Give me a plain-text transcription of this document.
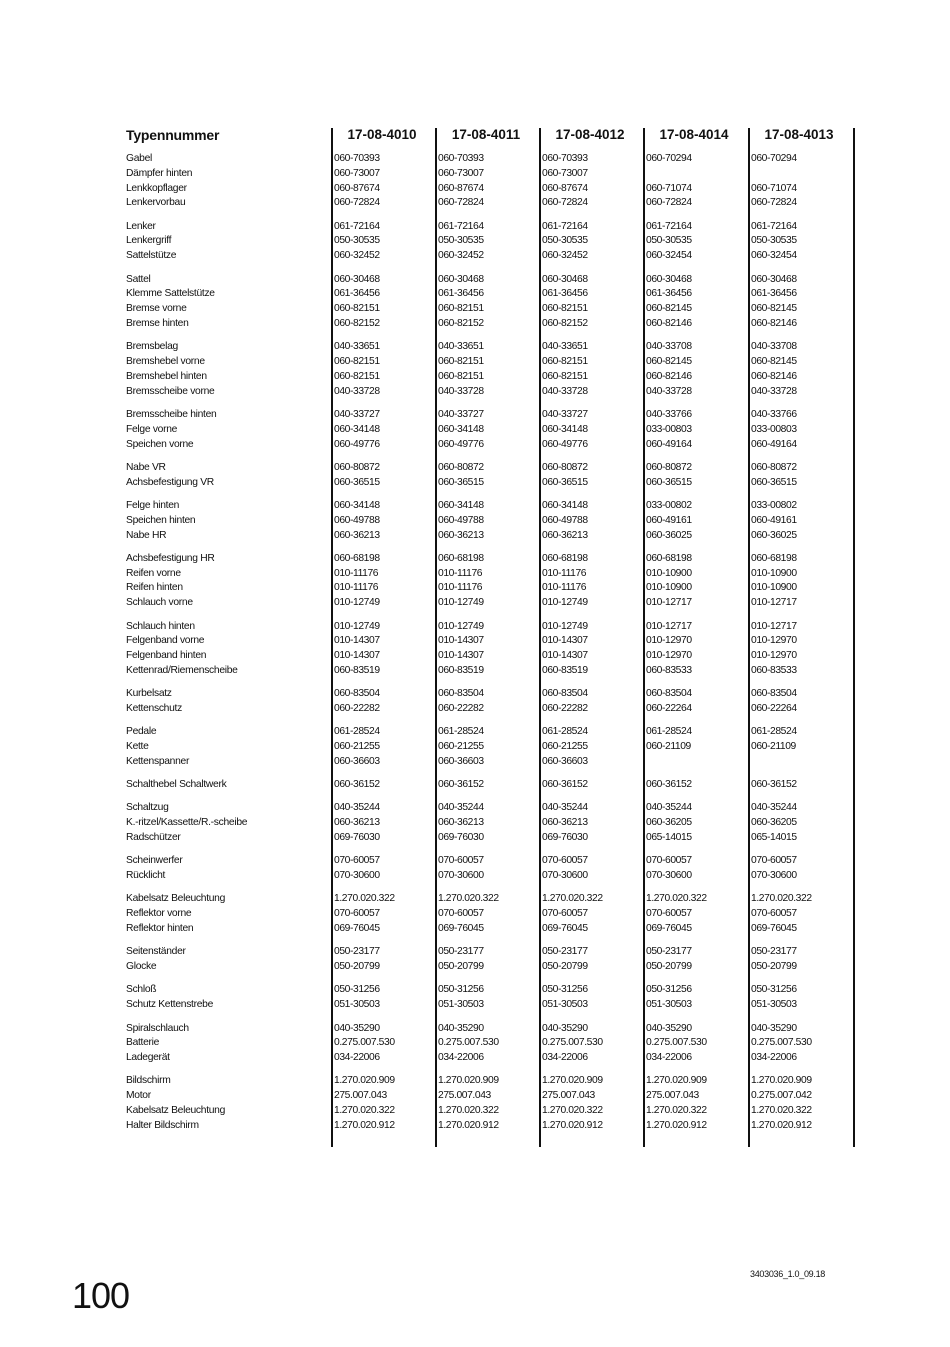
Typennummer	17-08-4010	17-08-4011	17-08-4012	17-08-4014	17-08-4013
Gabel	060-70393	060-70393	060-70393	060-70294	060-70294
Dämpfer hinten	060-73007	060-73007	060-73007
Lenkkopflager	060-87674	060-87674	060-87674	060-71074	060-71074
Lenkervorbau	060-72824	060-72824	060-72824	060-72824	060-72824
Lenker	061-72164	061-72164	061-72164	061-72164	061-72164
Lenkergriff	050-30535	050-30535	050-30535	050-30535	050-30535
Sattelstütze	060-32452	060-32452	060-32452	060-32454	060-32454
Sattel	060-30468	060-30468	060-30468	060-30468	060-30468
Klemme Sattelstütze	061-36456	061-36456	061-36456	061-36456	061-36456
Bremse vorne	060-82151	060-82151	060-82151	060-82145	060-82145
Bremse hinten	060-82152	060-82152	060-82152	060-82146	060-82146
Bremsbelag	040-33651	040-33651	040-33651	040-33708	040-33708
Bremshebel vorne	060-82151	060-82151	060-82151	060-82145	060-82145
Bremshebel hinten	060-82151	060-82151	060-82151	060-82146	060-82146
Bremsscheibe vorne	040-33728	040-33728	040-33728	040-33728	040-33728
Bremsscheibe hinten	040-33727	040-33727	040-33727	040-33766	040-33766
Felge vorne	060-34148	060-34148	060-34148	033-00803	033-00803
Speichen vorne	060-49776	060-49776	060-49776	060-49164	060-49164
Nabe VR	060-80872	060-80872	060-80872	060-80872	060-80872
Achsbefestigung VR	060-36515	060-36515	060-36515	060-36515	060-36515
Felge hinten	060-34148	060-34148	060-34148	033-00802	033-00802
Speichen hinten	060-49788	060-49788	060-49788	060-49161	060-49161
Nabe HR	060-36213	060-36213	060-36213	060-36025	060-36025
Achsbefestigung HR	060-68198	060-68198	060-68198	060-68198	060-68198
Reifen vorne	010-11176	010-11176	010-11176	010-10900	010-10900
Reifen hinten	010-11176	010-11176	010-11176	010-10900	010-10900
Schlauch vorne	010-12749	010-12749	010-12749	010-12717	010-12717
Schlauch hinten	010-12749	010-12749	010-12749	010-12717	010-12717
Felgenband vorne	010-14307	010-14307	010-14307	010-12970	010-12970
Felgenband hinten	010-14307	010-14307	010-14307	010-12970	010-12970
Kettenrad/Riemenscheibe	060-83519	060-83519	060-83519	060-83533	060-83533
Kurbelsatz	060-83504	060-83504	060-83504	060-83504	060-83504
Kettenschutz	060-22282	060-22282	060-22282	060-22264	060-22264
Pedale	061-28524	061-28524	061-28524	061-28524	061-28524
Kette	060-21255	060-21255	060-21255	060-21109	060-21109
Kettenspanner	060-36603	060-36603	060-36603
Schalthebel Schaltwerk	060-36152	060-36152	060-36152	060-36152	060-36152
Schaltzug	040-35244	040-35244	040-35244	040-35244	040-35244
K.-ritzel/Kassette/R.-scheibe	060-36213	060-36213	060-36213	060-36205	060-36205
Radschützer	069-76030	069-76030	069-76030	065-14015	065-14015
Scheinwerfer	070-60057	070-60057	070-60057	070-60057	070-60057
Rücklicht	070-30600	070-30600	070-30600	070-30600	070-30600
Kabelsatz Beleuchtung	1.270.020.322	1.270.020.322	1.270.020.322	1.270.020.322	1.270.020.322
Reflektor vorne	070-60057	070-60057	070-60057	070-60057	070-60057
Reflektor hinten	069-76045	069-76045	069-76045	069-76045	069-76045
Seitenständer	050-23177	050-23177	050-23177	050-23177	050-23177
Glocke	050-20799	050-20799	050-20799	050-20799	050-20799
Schloß	050-31256	050-31256	050-31256	050-31256	050-31256
Schutz Kettenstrebe	051-30503	051-30503	051-30503	051-30503	051-30503
Spiralschlauch	040-35290	040-35290	040-35290	040-35290	040-35290
Batterie	0.275.007.530	0.275.007.530	0.275.007.530	0.275.007.530	0.275.007.530
Ladegerät	034-22006	034-22006	034-22006	034-22006	034-22006
Bildschirm	1.270.020.909	1.270.020.909	1.270.020.909	1.270.020.909	1.270.020.909
Motor	275.007.043	275.007.043	275.007.043	275.007.043	0.275.007.042
Kabelsatz Beleuchtung	1.270.020.322	1.270.020.322	1.270.020.322	1.270.020.322	1.270.020.322
Halter Bildschirm	1.270.020.912	1.270.020.912	1.270.020.912	1.270.020.912	1.270.020.912
100
3403036_1.0_09.18
